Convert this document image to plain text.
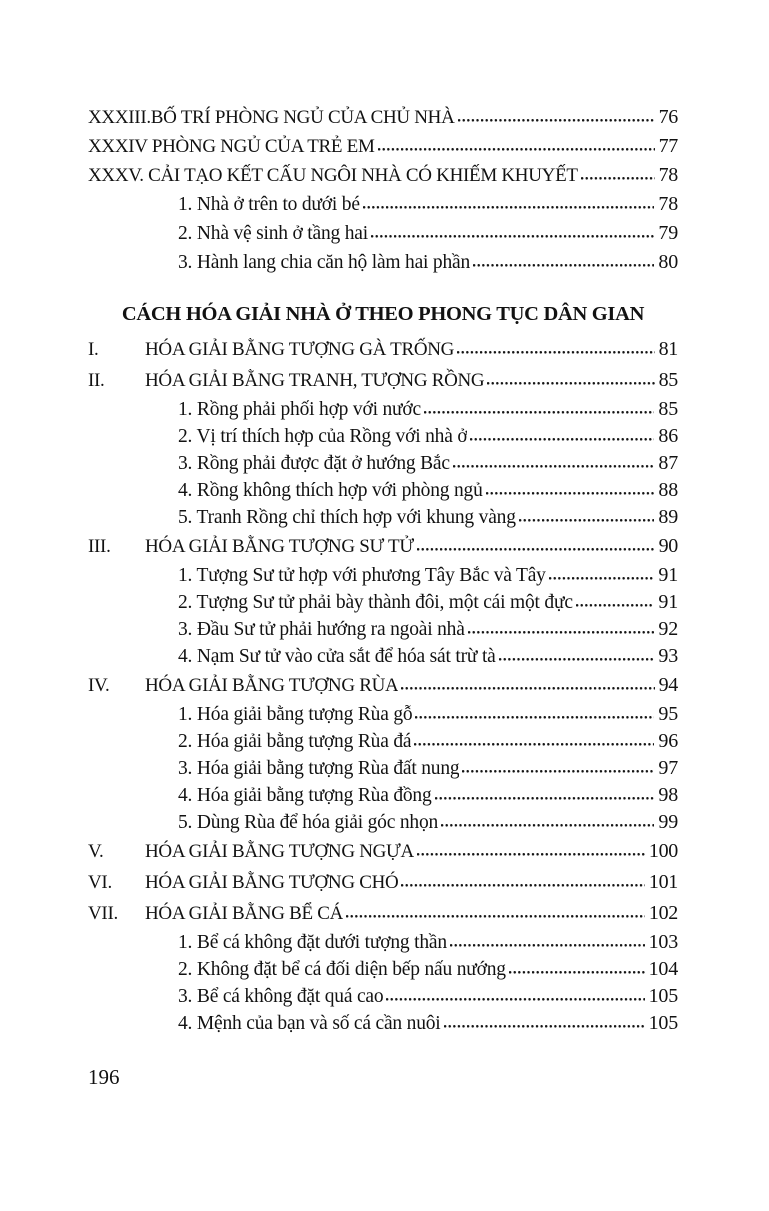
XXXIII.BỐ TRÍ PHÒNG NGỦ CỦA CHỦ NHÀ	76
XXXIV PHÒNG NGỦ CỦA TRẺ EM	77
XXXV. CẢI TẠO KẾT CẤU NGÔI NHÀ CÓ KHIẾM KHUYẾT	78
1. Nhà ở trên to dưới bé	78
2. Nhà vệ sinh ở tầng hai	79
3. Hành lang chia căn hộ làm hai phần	80
CÁCH HÓA GIẢI NHÀ Ở THEO PHONG TỤC DÂN GIAN
I.	HÓA GIẢI BẰNG TƯỢNG GÀ TRỐNG	81
II.	HÓA GIẢI BẰNG TRANH, TƯỢNG RỒNG	85
1. Rồng phải phối hợp với nước	85
2. Vị trí thích hợp của Rồng với nhà ở	86
3. Rồng phải được đặt ở hướng Bắc	87
4. Rồng không thích hợp với phòng ngủ	88
5. Tranh Rồng chỉ thích hợp với khung vàng	89
III.	HÓA GIẢI BẰNG TƯỢNG SƯ TỬ	90
1. Tượng Sư tử hợp với phương Tây Bắc và Tây	91
2. Tượng Sư tử phải bày thành đôi, một cái một đực	91
3. Đầu Sư tử phải hướng ra ngoài nhà	92
4. Nạm Sư tử vào cửa sắt để hóa sát trừ tà	93
IV.	HÓA GIẢI BẰNG TƯỢNG RÙA	94
1. Hóa giải bằng tượng Rùa gỗ	95
2. Hóa giải bằng tượng Rùa đá	96
3. Hóa giải bằng tượng Rùa đất nung	97
4. Hóa giải bằng tượng Rùa đồng	98
5. Dùng Rùa để hóa giải góc nhọn	99
V.	HÓA GIẢI BẰNG TƯỢNG NGỰA	100
VI.	HÓA GIẢI BẰNG TƯỢNG CHÓ	101
VII.	HÓA GIẢI BẰNG BỂ CÁ	102
1. Bể cá không đặt dưới tượng thần	103
2. Không đặt bể cá đối diện bếp nấu nướng	104
3. Bể cá không đặt quá cao	105
4. Mệnh của bạn và số cá cần nuôi	105
196
